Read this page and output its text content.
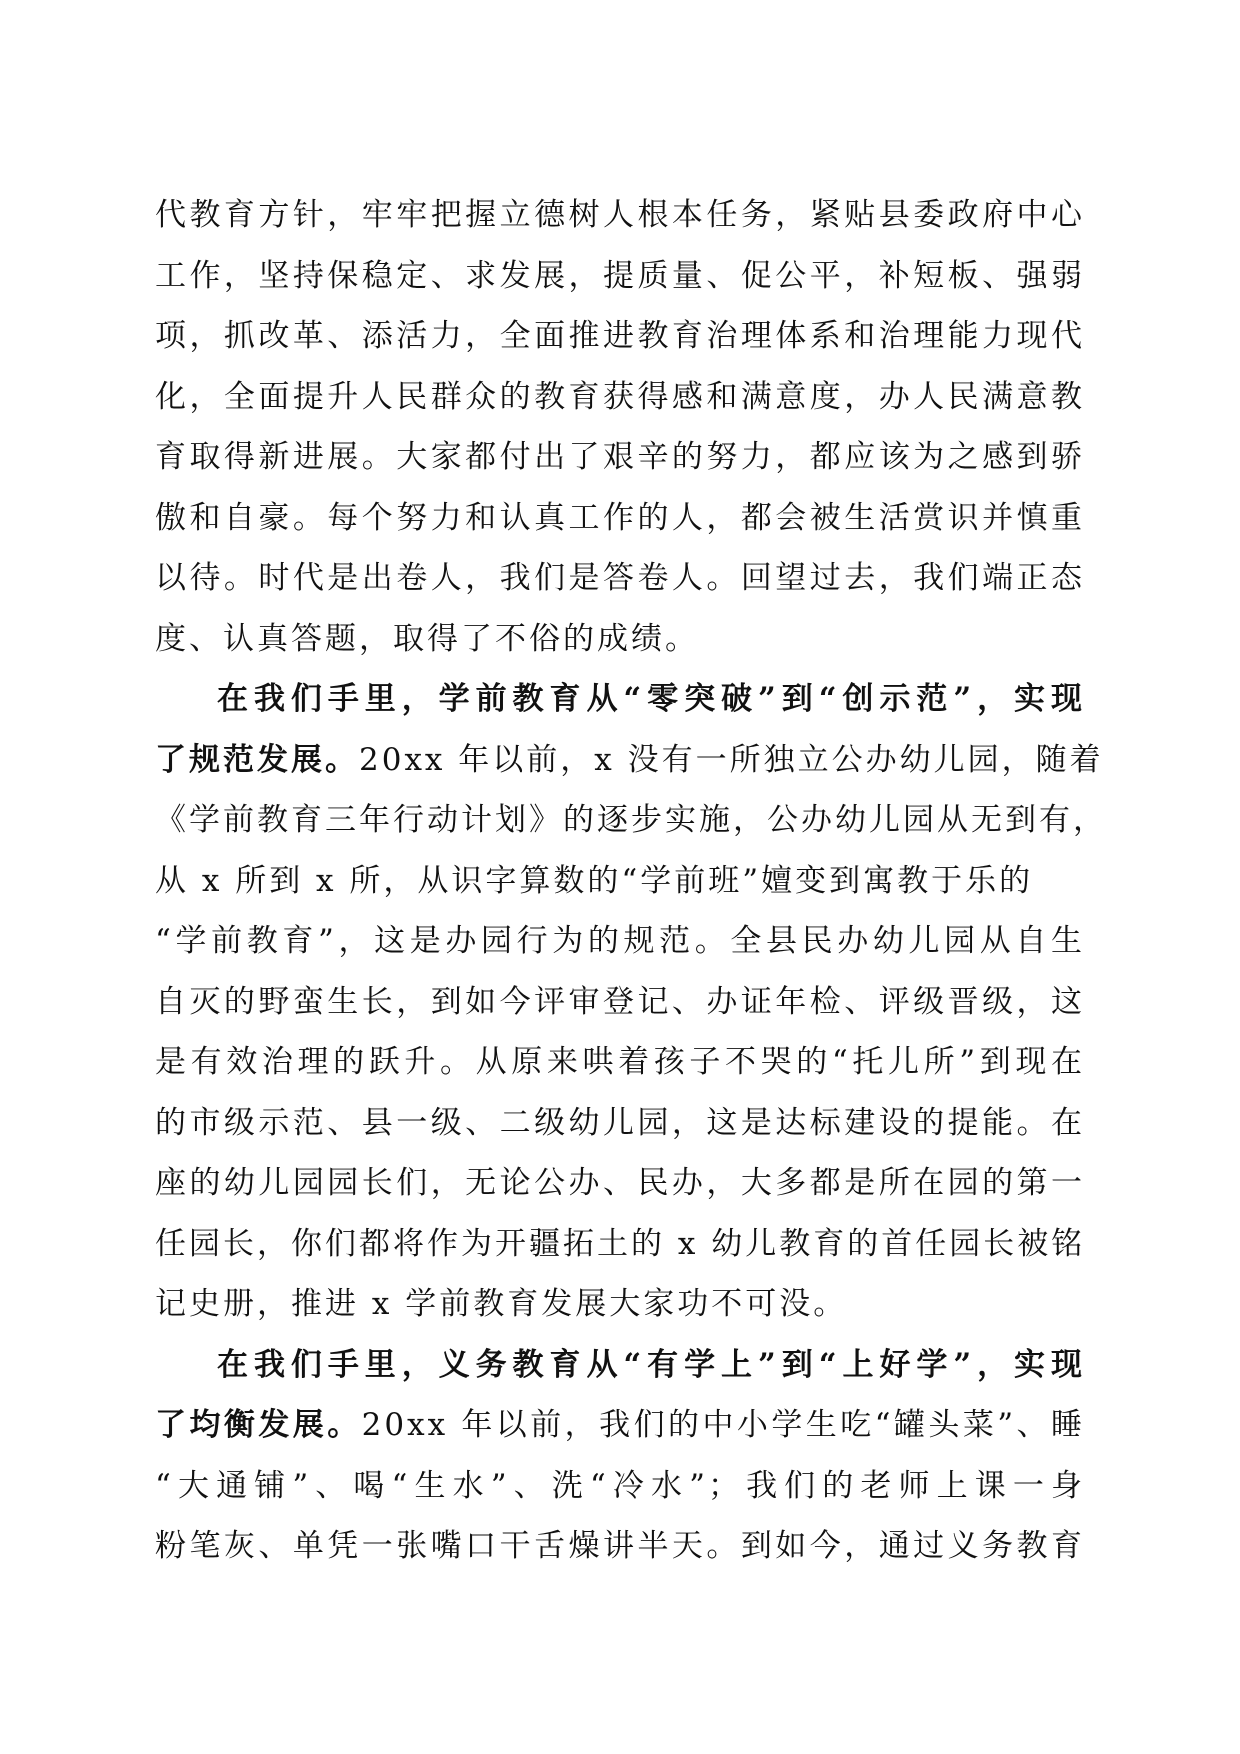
代教育方针，牢牢把握立德树人根本任务，紧贴县委政府中心
工作，坚持保稳定、求发展，提质量、促公平，补短板、强弱
项，抓改革、添活力，全面推进教育治理体系和治理能力现代
化，全面提升人民群众的教育获得感和满意度，办人民满意教
育取得新进展。大家都付出了艰辛的努力，都应该为之感到骄
傲和自豪。每个努力和认真工作的人，都会被生活赏识并慎重
以待。时代是出卷人，我们是答卷人。回望过去，我们端正态
度、认真答题，取得了不俗的成绩。
在我们手里，学前教育从“零突破”到“创示范”，实现
了规范发展。20xx 年以前，x 没有一所独立公办幼儿园，随着
《学前教育三年行动计划》的逐步实施，公办幼儿园从无到有，
从 x 所到 x 所，从识字算数的“学前班”嬗变到寓教于乐的
“学前教育”，这是办园行为的规范。全县民办幼儿园从自生
自灭的野蛮生长，到如今评审登记、办证年检、评级晋级，这
是有效治理的跃升。从原来哄着孩子不哭的“托儿所”到现在
的市级示范、县一级、二级幼儿园，这是达标建设的提能。在
座的幼儿园园长们，无论公办、民办，大多都是所在园的第一
任园长，你们都将作为开疆拓土的 x 幼儿教育的首任园长被铭
记史册，推进 x 学前教育发展大家功不可没。
在我们手里，义务教育从“有学上”到“上好学”，实现
了均衡发展。20xx 年以前，我们的中小学生吃“罐头菜”、睡
“大通铺”、喝“生水”、洗“冷水”；我们的老师上课一身
粉笔灰、单凭一张嘴口干舌燥讲半天。到如今，通过义务教育
